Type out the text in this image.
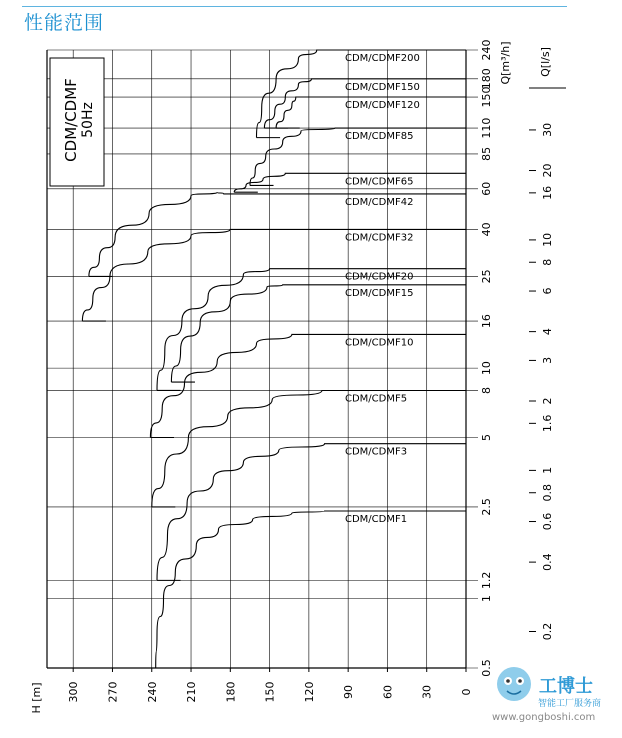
性能范围
CDM/CDMF 50Hz
H [m]
Q[m³/h] Q[l/s]
300 270 240 210 180 150 120 90 60 30 0
0.5
1
1.2
2.5
5
8
10
16
25
40
60
85
110
150
180
240
0.2
0.4
0.6
0.8
1
1.6
2
3
4
6
8
10
16
20
30
CDM/CDMF1
CDM/CDMF3
CDM/CDMF5
CDM/CDMF10
CDM/CDMF15
CDM/CDMF20
CDM/CDMF32
CDM/CDMF42
CDM/CDMF65
CDM/CDMF85
CDM/CDMF120
CDM/CDMF150
CDM/CDMF200
工博士
智能工厂服务商
www.gongboshi.com
